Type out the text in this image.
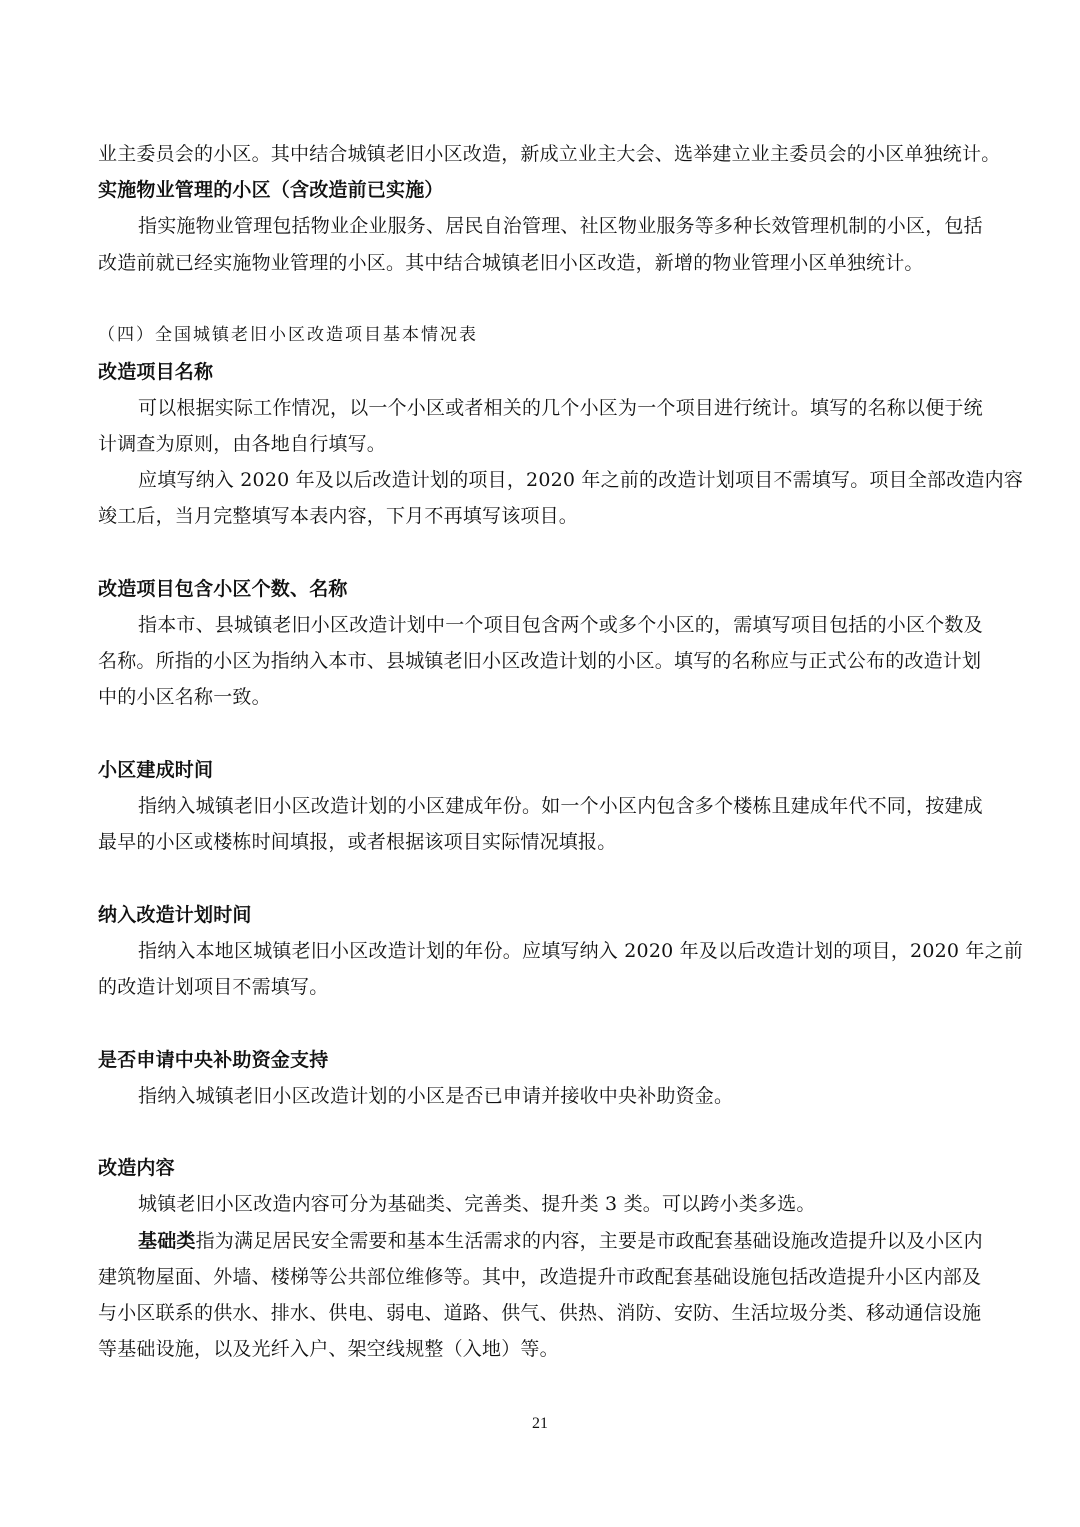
业主委员会的小区。其中结合城镇老旧小区改造，新成立业主大会、选举建立业主委员会的小区单独统计。
实施物业管理的小区（含改造前已实施）
指实施物业管理包括物业企业服务、居民自治管理、社区物业服务等多种长效管理机制的小区，包括
改造前就已经实施物业管理的小区。其中结合城镇老旧小区改造，新增的物业管理小区单独统计。
（四）全国城镇老旧小区改造项目基本情况表
改造项目名称
可以根据实际工作情况，以一个小区或者相关的几个小区为一个项目进行统计。填写的名称以便于统
计调查为原则，由各地自行填写。
应填写纳入 2020 年及以后改造计划的项目，2020 年之前的改造计划项目不需填写。项目全部改造内容
竣工后，当月完整填写本表内容，下月不再填写该项目。
改造项目包含小区个数、名称
指本市、县城镇老旧小区改造计划中一个项目包含两个或多个小区的，需填写项目包括的小区个数及
名称。所指的小区为指纳入本市、县城镇老旧小区改造计划的小区。填写的名称应与正式公布的改造计划
中的小区名称一致。
小区建成时间
指纳入城镇老旧小区改造计划的小区建成年份。如一个小区内包含多个楼栋且建成年代不同，按建成
最早的小区或楼栋时间填报，或者根据该项目实际情况填报。
纳入改造计划时间
指纳入本地区城镇老旧小区改造计划的年份。应填写纳入 2020 年及以后改造计划的项目，2020 年之前
的改造计划项目不需填写。
是否申请中央补助资金支持
指纳入城镇老旧小区改造计划的小区是否已申请并接收中央补助资金。
改造内容
城镇老旧小区改造内容可分为基础类、完善类、提升类 3 类。可以跨小类多选。
基础类指为满足居民安全需要和基本生活需求的内容，主要是市政配套基础设施改造提升以及小区内
建筑物屋面、外墙、楼梯等公共部位维修等。其中，改造提升市政配套基础设施包括改造提升小区内部及
与小区联系的供水、排水、供电、弱电、道路、供气、供热、消防、安防、生活垃圾分类、移动通信设施
等基础设施，以及光纤入户、架空线规整（入地）等。
21
